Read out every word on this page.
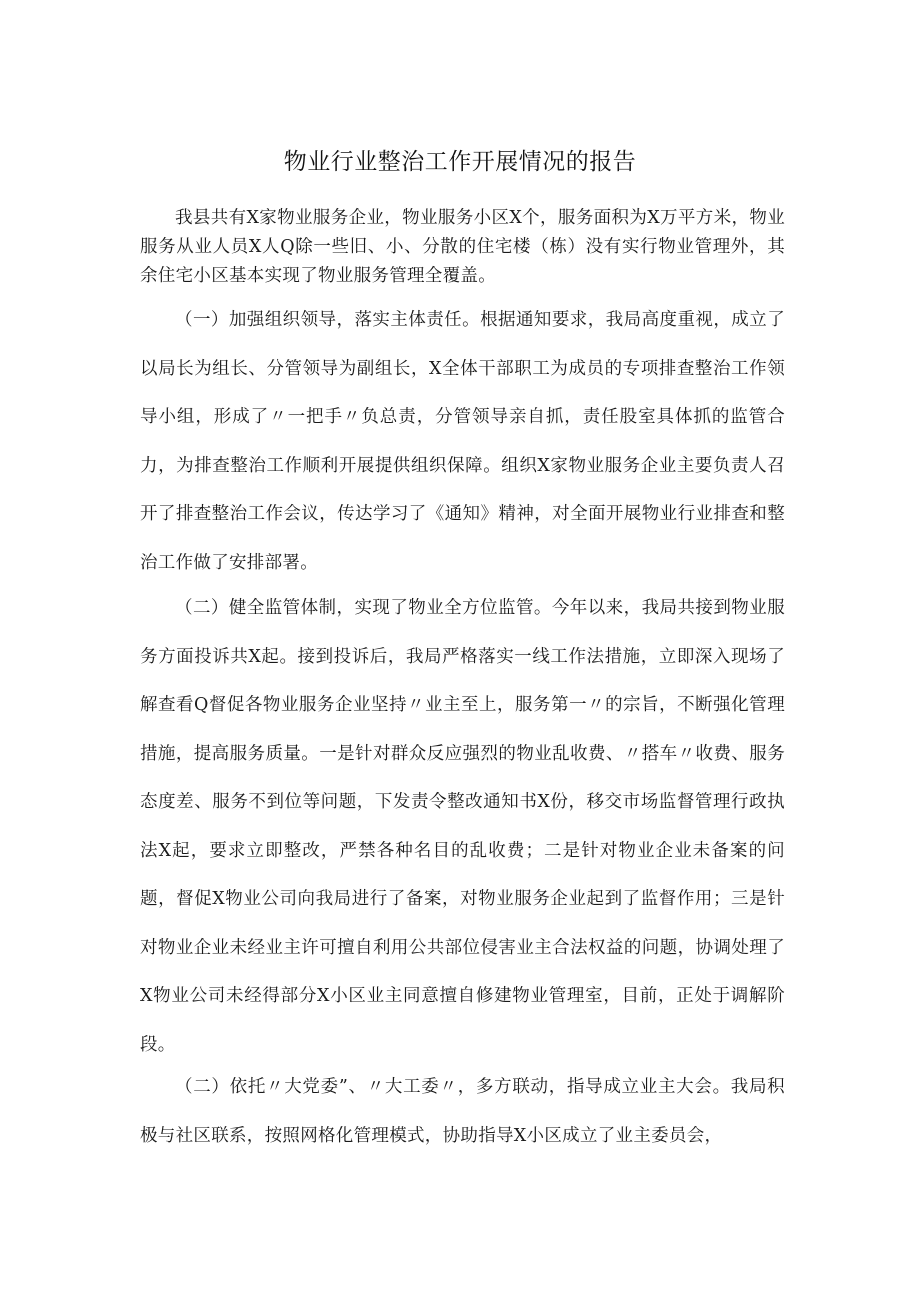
物业行业整治工作开展情况的报告

我县共有X家物业服务企业，物业服务小区X个，服务面积为X万平方米，物业服务从业人员X人Q除一些旧、小、分散的住宅楼（栋）没有实行物业管理外，其余住宅小区基本实现了物业服务管理全覆盖。

（一）加强组织领导，落实主体责任。根据通知要求，我局高度重视，成立了以局长为组长、分管领导为副组长，X全体干部职工为成员的专项排查整治工作领导小组，形成了〃一把手〃负总责，分管领导亲自抓，责任股室具体抓的监管合力，为排查整治工作顺利开展提供组织保障。组织X家物业服务企业主要负责人召开了排查整治工作会议，传达学习了《通知》精神，对全面开展物业行业排查和整治工作做了安排部署。

（二）健全监管体制，实现了物业全方位监管。今年以来，我局共接到物业服务方面投诉共X起。接到投诉后，我局严格落实一线工作法措施，立即深入现场了解查看Q督促各物业服务企业坚持〃业主至上，服务第一〃的宗旨，不断强化管理措施，提高服务质量。一是针对群众反应强烈的物业乱收费、〃搭车〃收费、服务态度差、服务不到位等问题，下发责令整改通知书X份，移交市场监督管理行政执法X起，要求立即整改，严禁各种名目的乱收费；二是针对物业企业未备案的问题，督促X物业公司向我局进行了备案，对物业服务企业起到了监督作用；三是针对物业企业未经业主许可擅自利用公共部位侵害业主合法权益的问题，协调处理了X物业公司未经得部分X小区业主同意擅自修建物业管理室，目前，正处于调解阶段。

（二）依托〃大党委”、〃大工委〃，多方联动，指导成立业主大会。我局积极与社区联系，按照网格化管理模式，协助指导X小区成立了业主委员会，
